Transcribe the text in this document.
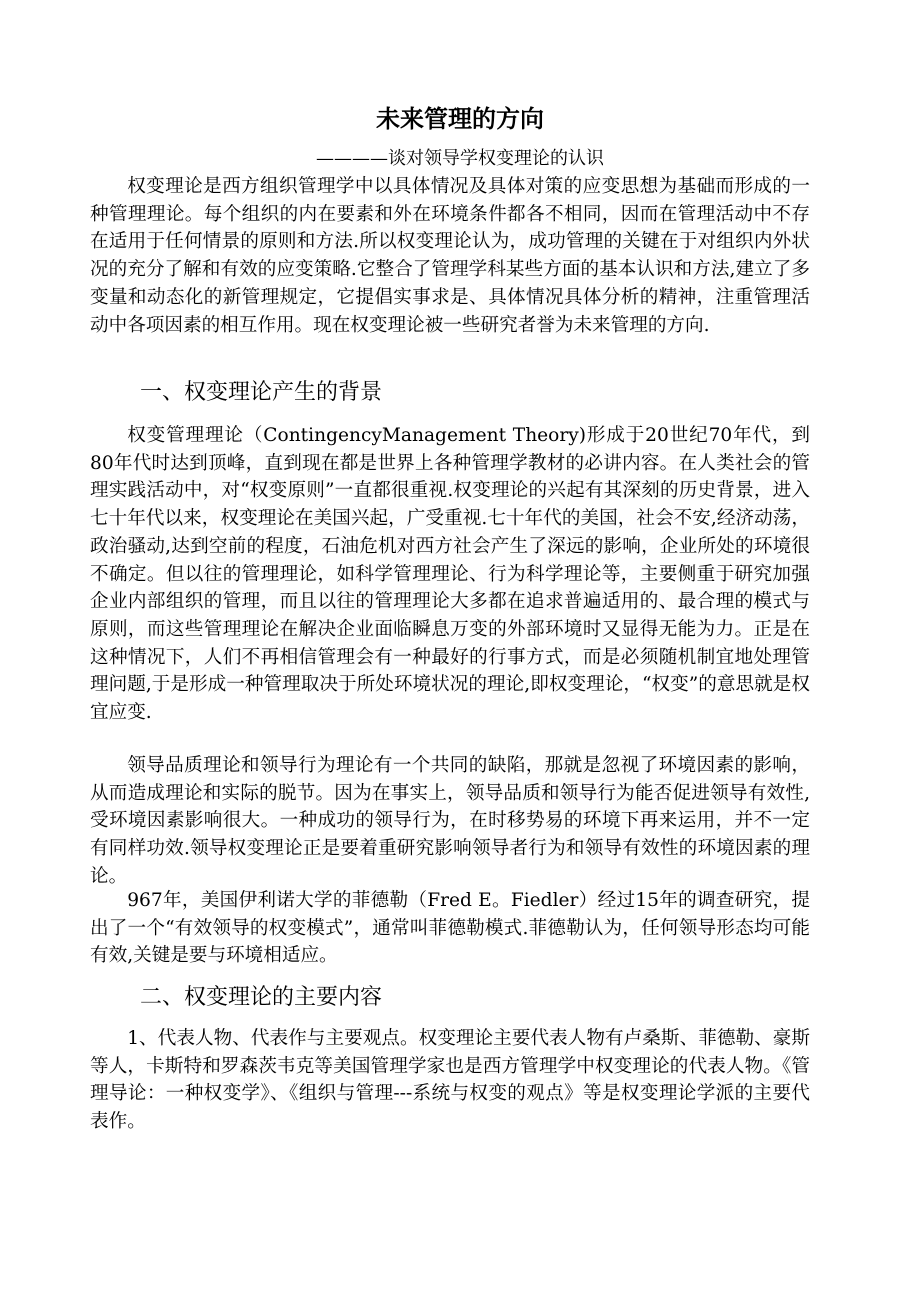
未来管理的方向
————谈对领导学权变理论的认识

权变理论是西方组织管理学中以具体情况及具体对策的应变思想为基础而形成的一种管理理论。每个组织的内在要素和外在环境条件都各不相同，因而在管理活动中不存在适用于任何情景的原则和方法.所以权变理论认为，成功管理的关键在于对组织内外状况的充分了解和有效的应变策略.它整合了管理学科某些方面的基本认识和方法,建立了多变量和动态化的新管理规定，它提倡实事求是、具体情况具体分析的精神，注重管理活动中各项因素的相互作用。现在权变理论被一些研究者誉为未来管理的方向.

一、权变理论产生的背景

权变管理理论（ContingencyManagement Theory)形成于20世纪70年代，到80年代时达到顶峰，直到现在都是世界上各种管理学教材的必讲内容。在人类社会的管理实践活动中，对“权变原则”一直都很重视.权变理论的兴起有其深刻的历史背景，进入七十年代以来，权变理论在美国兴起，广受重视.七十年代的美国，社会不安,经济动荡，政治骚动,达到空前的程度，石油危机对西方社会产生了深远的影响，企业所处的环境很不确定。但以往的管理理论，如科学管理理论、行为科学理论等，主要侧重于研究加强企业内部组织的管理，而且以往的管理理论大多都在追求普遍适用的、最合理的模式与原则，而这些管理理论在解决企业面临瞬息万变的外部环境时又显得无能为力。正是在这种情况下，人们不再相信管理会有一种最好的行事方式，而是必须随机制宜地处理管理问题,于是形成一种管理取决于所处环境状况的理论,即权变理论，“权变”的意思就是权宜应变.

领导品质理论和领导行为理论有一个共同的缺陷，那就是忽视了环境因素的影响，从而造成理论和实际的脱节。因为在事实上，领导品质和领导行为能否促进领导有效性,受环境因素影响很大。一种成功的领导行为，在时移势易的环境下再来运用，并不一定有同样功效.领导权变理论正是要着重研究影响领导者行为和领导有效性的环境因素的理论。

967年，美国伊利诺大学的菲德勒（Fred E。Fiedler）经过15年的调查研究，提出了一个“有效领导的权变模式”，通常叫菲德勒模式.菲德勒认为，任何领导形态均可能有效,关键是要与环境相适应。

二、权变理论的主要内容

1、代表人物、代表作与主要观点。权变理论主要代表人物有卢桑斯、菲德勒、豪斯等人，卡斯特和罗森茨韦克等美国管理学家也是西方管理学中权变理论的代表人物。《管理导论：一种权变学》、《组织与管理---系统与权变的观点》等是权变理论学派的主要代表作。
